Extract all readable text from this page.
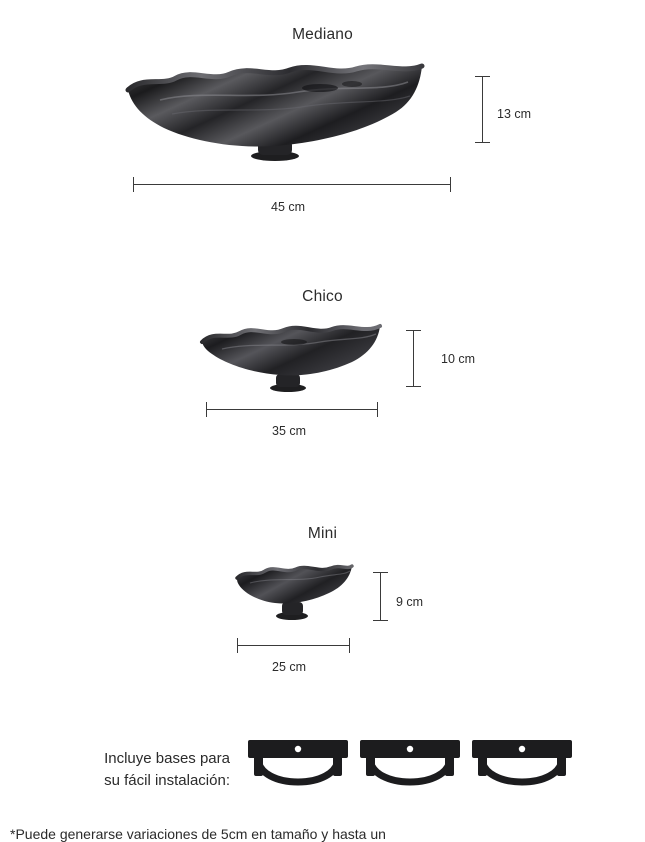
Mediano
13 cm
45 cm
Chico
10 cm
35 cm
Mini
9 cm
25 cm
Incluye bases para
su fácil instalación:
*Puede generarse variaciones de 5cm en tamaño y hasta un
